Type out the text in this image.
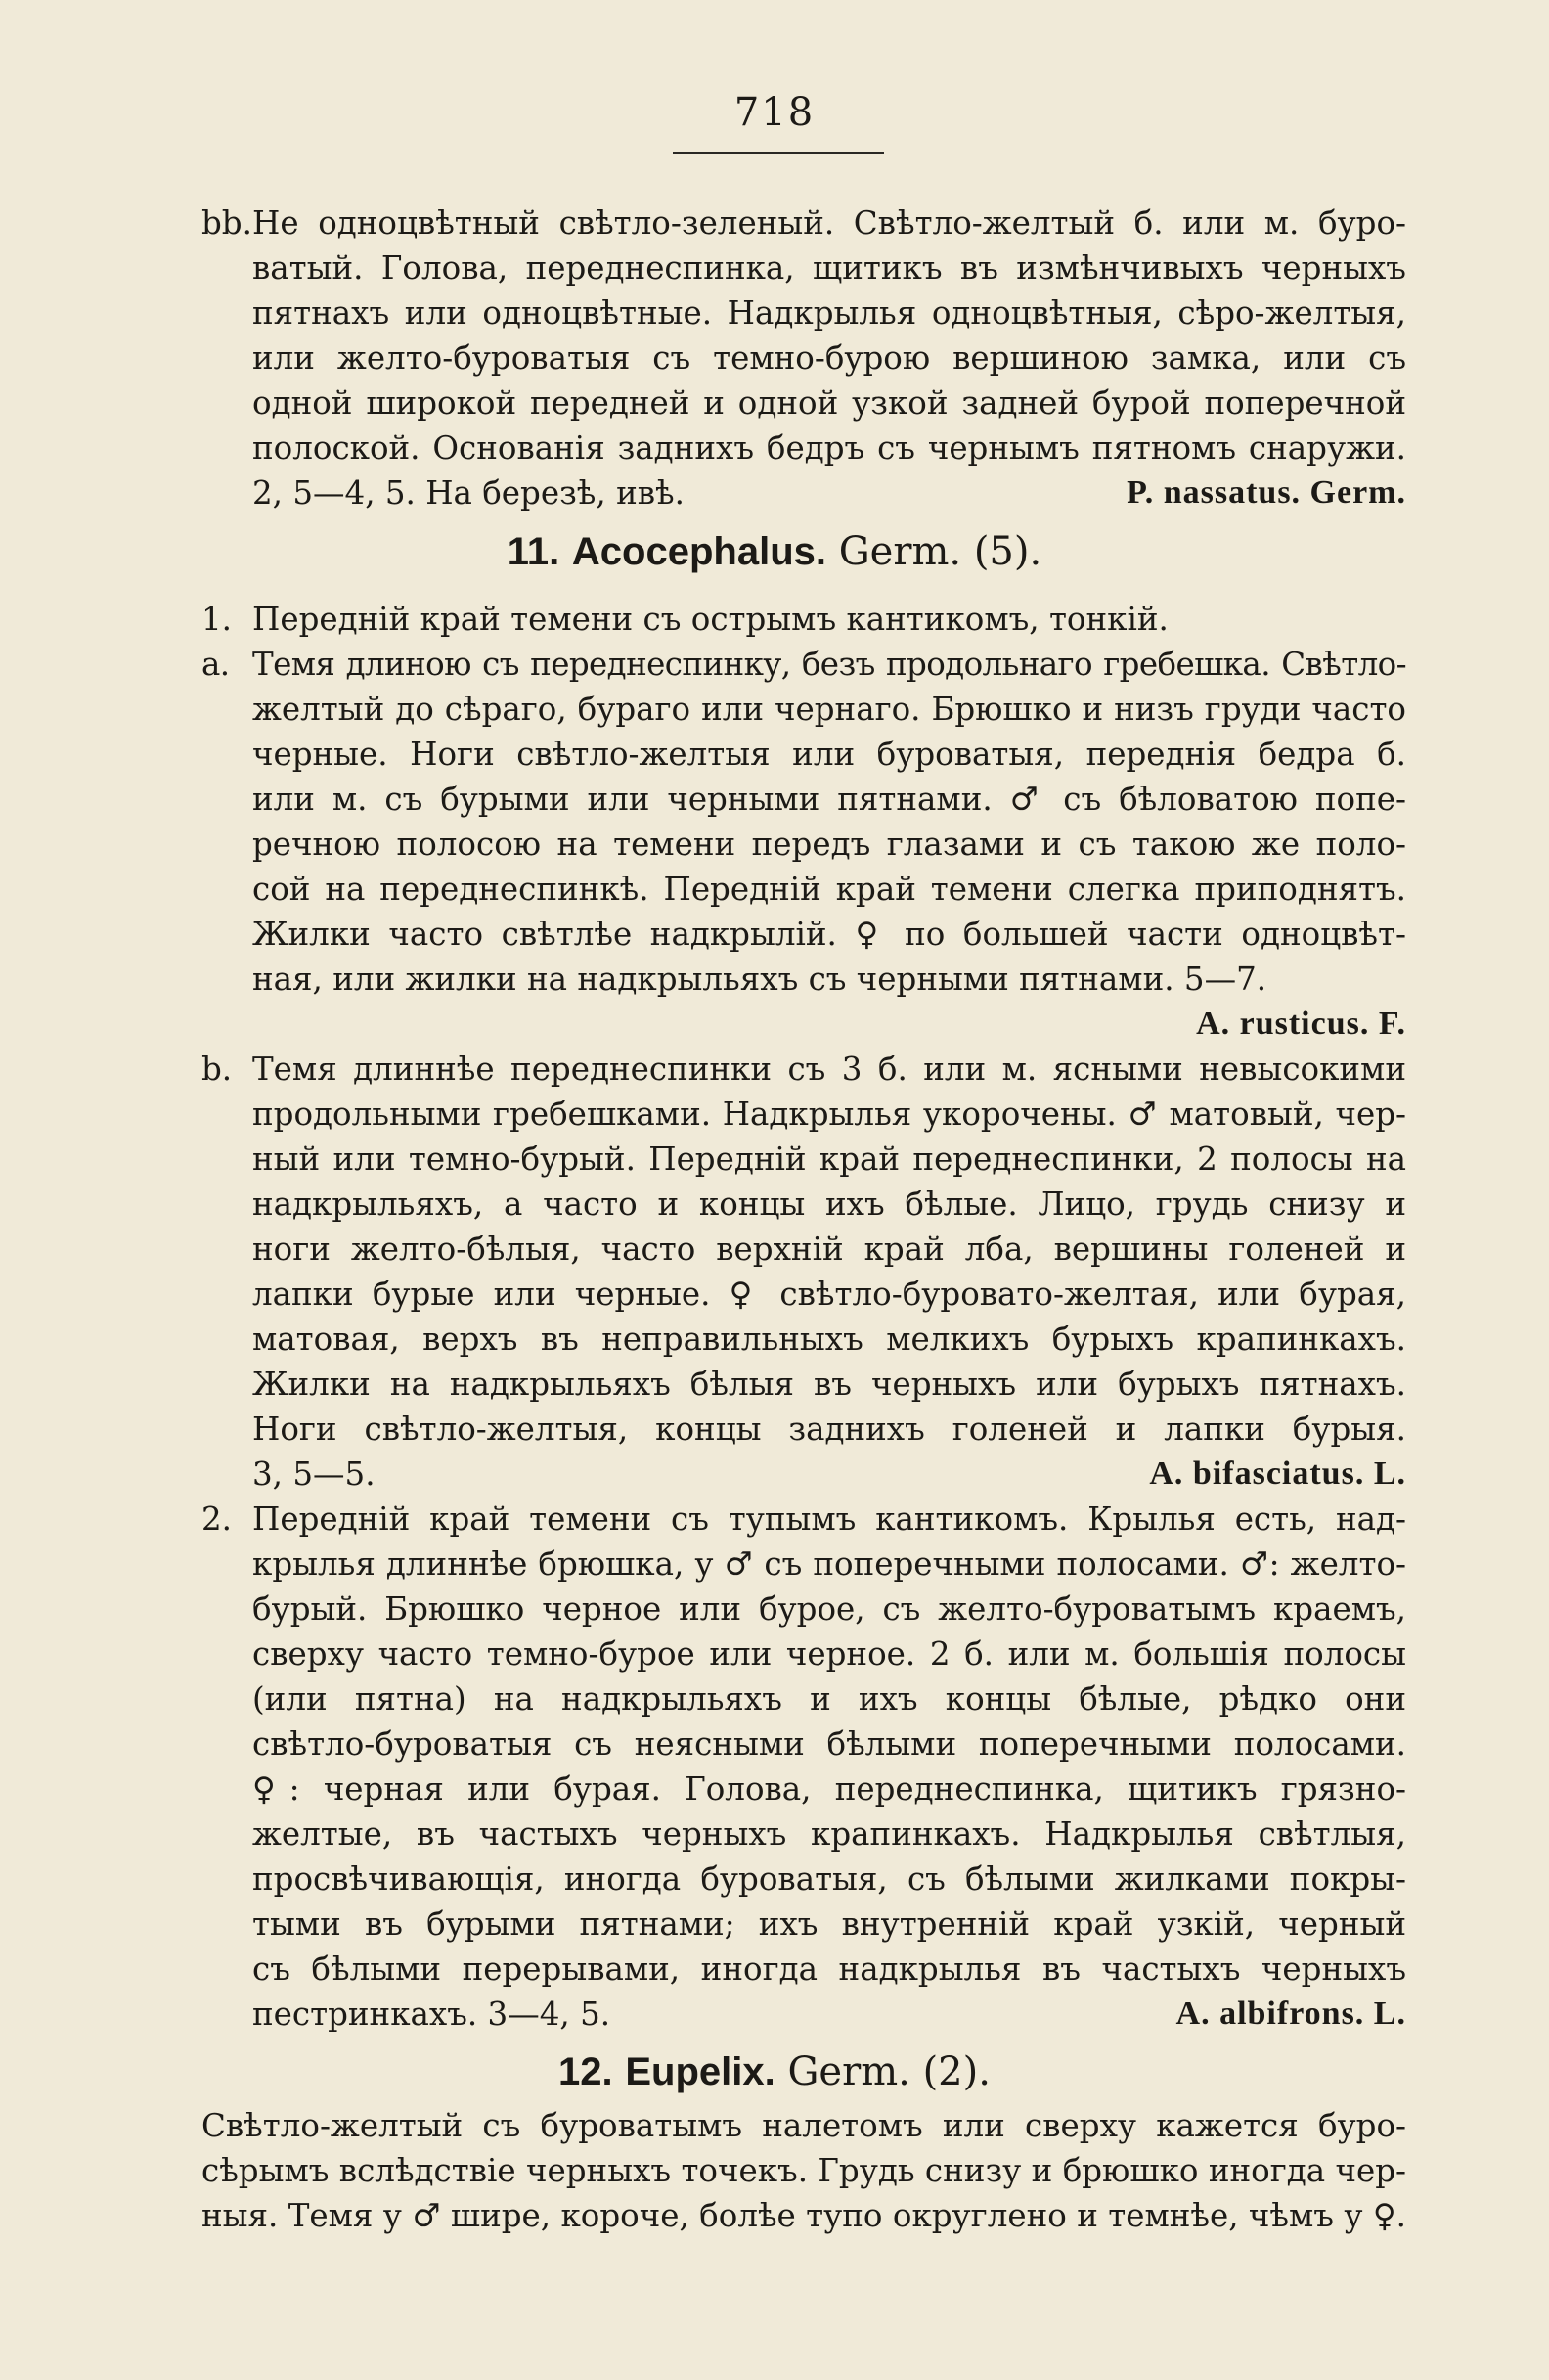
718
bb.Не одноцвѣтный свѣтло-зеленый. Свѣтло-желтый б. или м. буро-
ватый. Голова, переднеспинка, щитикъ въ измѣнчивыхъ черныхъ
пятнахъ или одноцвѣтные. Надкрылья одноцвѣтныя, сѣро-желтыя,
или желто-буроватыя съ темно-бурою вершиною замка, или съ
одной широкой передней и одной узкой задней бурой поперечной
полоской. Основанія заднихъ бедръ съ чернымъ пятномъ снаружи.
2, 5—4, 5. На березѣ, ивѣ.	P. nassatus. Germ.
11. Acocephalus. Germ. (5).
1. Передній край темени съ острымъ кантикомъ, тонкій.
a. Темя длиною съ переднеспинку, безъ продольнаго гребешка. Свѣтло-
желтый до сѣраго, бураго или чернаго. Брюшко и низъ груди часто
черные. Ноги свѣтло-желтыя или буроватыя, переднія бедра б.
или м. съ бурыми или черными пятнами. ♂ съ бѣловатою попе-
речною полосою на темени передъ глазами и съ такою же поло-
сой на переднеспинкѣ. Передній край темени слегка приподнятъ.
Жилки часто свѣтлѣе надкрылій. ♀ по большей части одноцвѣт-
ная, или жилки на надкрыльяхъ съ черными пятнами. 5—7.
A. rusticus. F.
b. Темя длиннѣе переднеспинки съ 3 б. или м. ясными невысокими
продольными гребешками. Надкрылья укорочены. ♂ матовый, чер-
ный или темно-бурый. Передній край переднеспинки, 2 полосы на
надкрыльяхъ, а часто и концы ихъ бѣлые. Лицо, грудь снизу и
ноги желто-бѣлыя, часто верхній край лба, вершины голеней и
лапки бурые или черные. ♀ свѣтло-буровато-желтая, или бурая,
матовая, верхъ въ неправильныхъ мелкихъ бурыхъ крапинкахъ.
Жилки на надкрыльяхъ бѣлыя въ черныхъ или бурыхъ пятнахъ.
Ноги свѣтло-желтыя, концы заднихъ голеней и лапки бурыя.
3, 5—5.	A. bifasciatus. L.
2. Передній край темени съ тупымъ кантикомъ. Крылья есть, над-
крылья длиннѣе брюшка, у ♂ съ поперечными полосами. ♂: желто-
бурый. Брюшко черное или бурое, съ желто-буроватымъ краемъ,
сверху часто темно-бурое или черное. 2 б. или м. большія полосы
(или пятна) на надкрыльяхъ и ихъ концы бѣлые, рѣдко они
свѣтло-буроватыя съ неясными бѣлыми поперечными полосами.
♀: черная или бурая. Голова, переднеспинка, щитикъ грязно-
желтые, въ частыхъ черныхъ крапинкахъ. Надкрылья свѣтлыя,
просвѣчивающія, иногда буроватыя, съ бѣлыми жилками покры-
тыми въ бурыми пятнами; ихъ внутренній край узкій, черный
съ бѣлыми перерывами, иногда надкрылья въ частыхъ черныхъ
пестринкахъ. 3—4, 5.	A. albifrons. L.
12. Eupelix. Germ. (2).
Свѣтло-желтый съ буроватымъ налетомъ или сверху кажется буро-
сѣрымъ вслѣдствіе черныхъ точекъ. Грудь снизу и брюшко иногда чер-
ныя. Темя у ♂ шире, короче, болѣе тупо округлено и темнѣе, чѣмъ у ♀.
